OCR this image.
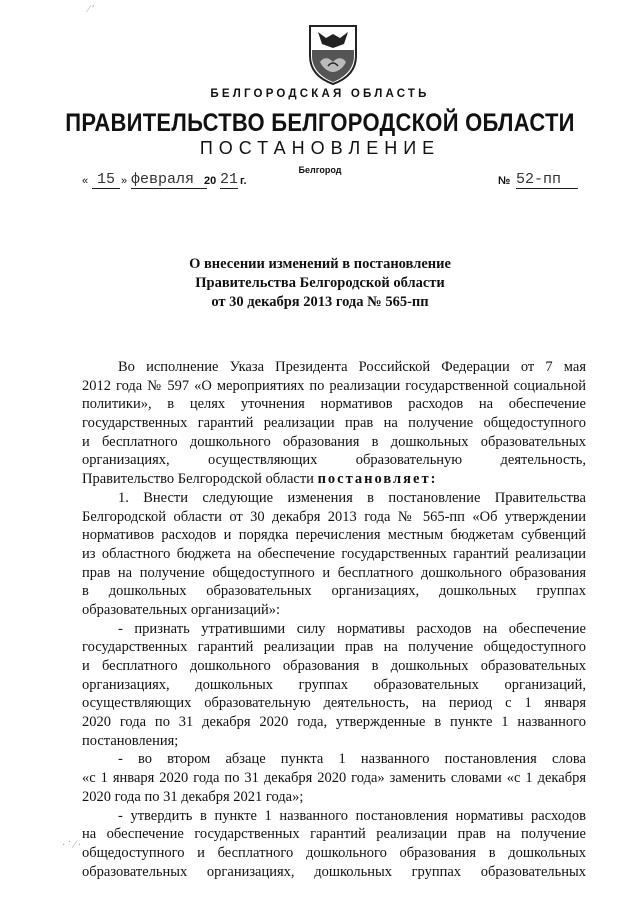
БЕЛГОРОДСКАЯ ОБЛАСТЬ
ПРАВИТЕЛЬСТВО БЕЛГОРОДСКОЙ ОБЛАСТИ
ПОСТАНОВЛЕНИЕ
Белгород
« 15 » февраля 20 21 г.	№ 52-пп
О внесении изменений в постановление
Правительства Белгородской области
от 30 декабря 2013 года № 565-пп
Во исполнение Указа Президента Российской Федерации от 7 мая
2012 года № 597 «О мероприятиях по реализации государственной социальной
политики», в целях уточнения нормативов расходов на обеспечение
государственных гарантий реализации прав на получение общедоступного
и бесплатного дошкольного образования в дошкольных образовательных
организациях, осуществляющих образовательную деятельность,
Правительство Белгородской области постановляет:
1. Внести следующие изменения в постановление Правительства
Белгородской области от 30 декабря 2013 года № 565-пп «Об утверждении
нормативов расходов и порядка перечисления местным бюджетам субвенций
из областного бюджета на обеспечение государственных гарантий реализации
прав на получение общедоступного и бесплатного дошкольного образования
в дошкольных образовательных организациях, дошкольных группах
образовательных организаций»:
- признать утратившими силу нормативы расходов на обеспечение
государственных гарантий реализации прав на получение общедоступного
и бесплатного дошкольного образования в дошкольных образовательных
организациях, дошкольных группах образовательных организаций,
осуществляющих образовательную деятельность, на период с 1 января
2020 года по 31 декабря 2020 года, утвержденные в пункте 1 названного
постановления;
- во втором абзаце пункта 1 названного постановления слова
«с 1 января 2020 года по 31 декабря 2020 года» заменить словами «с 1 декабря
2020 года по 31 декабря 2021 года»;
- утвердить в пункте 1 названного постановления нормативы расходов
на обеспечение государственных гарантий реализации прав на получение
общедоступного и бесплатного дошкольного образования в дошкольных
образовательных организациях, дошкольных группах образовательных
⁄ ′
· ˙ ⁄ ·
